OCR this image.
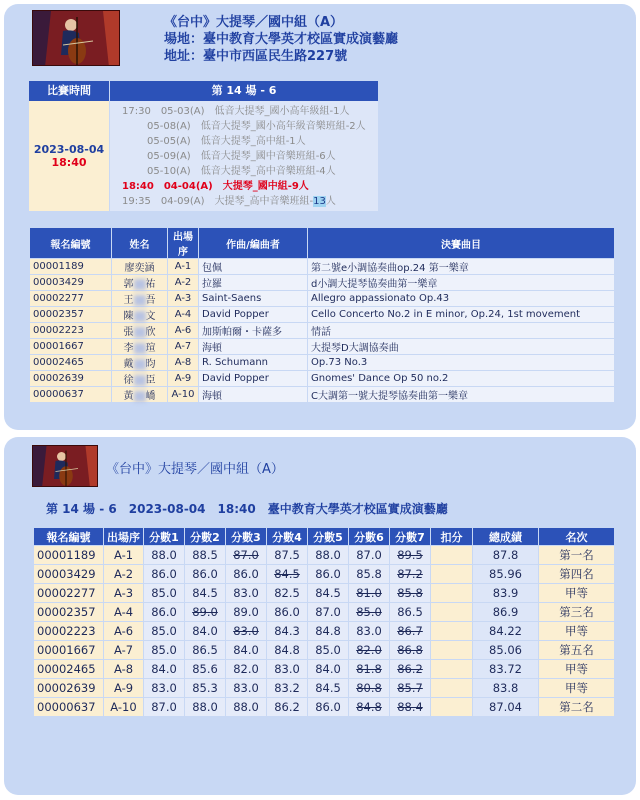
《台中》大提琴／國中組（A）
場地：臺中教育大學英才校區實成演藝廳
地址：臺中市西區民生路227號
比賽時間	第 14 場 - 6
2023-08-04
18:40
17:30　05-03(A)　低音大提琴_國小高年級組-1人
05-08(A)　低音大提琴_國小高年級音樂班組-2人
05-05(A)　低音大提琴_高中組-1人
05-09(A)　低音大提琴_國中音樂班組-6人
05-10(A)　低音大提琴_高中音樂班組-4人
18:40　04-04(A)　大提琴_國中組-9人
19:35　04-09(A)　大提琴_高中音樂班組-13人
報名編號	姓名	出場序	作曲/編曲者	決賽曲目
00001189	廖奕涵	A-1	包佩	第二號e小調協奏曲op.24 第一樂章
00003429	郭 祐	A-2	拉羅	d小調大提琴協奏曲第一樂章
00002277	王 吾	A-3	Saint-Saens	Allegro appassionato Op.43
00002357	陳 文	A-4	David Popper	Cello Concerto No.2 in E minor, Op.24, 1st movement
00002223	張 欣	A-6	加斯帕爾・卡薩多	情話
00001667	李 瑄	A-7	海頓	大提琴D大調協奏曲
00002465	戴 昀	A-8	R. Schumann	Op.73 No.3
00002639	徐 臣	A-9	David Popper	Gnomes' Dance Op 50 no.2
00000637	黃 嶠	A-10	海頓	C大調第一號大提琴協奏曲第一樂章
《台中》大提琴／國中組（A）
第 14 場 - 6　2023-08-04　18:40　臺中教育大學英才校區實成演藝廳
報名編號	出場序	分數1	分數2	分數3	分數4	分數5	分數6	分數7	扣分	總成績	名次
00001189	A-1	88.0	88.5	87.0	87.5	88.0	87.0	89.5		87.8	第一名
00003429	A-2	86.0	86.0	86.0	84.5	86.0	85.8	87.2		85.96	第四名
00002277	A-3	85.0	84.5	83.0	82.5	84.5	81.0	85.8		83.9	甲等
00002357	A-4	86.0	89.0	89.0	86.0	87.0	85.0	86.5		86.9	第三名
00002223	A-6	85.0	84.0	83.0	84.3	84.8	83.0	86.7		84.22	甲等
00001667	A-7	85.0	86.5	84.0	84.8	85.0	82.0	86.8		85.06	第五名
00002465	A-8	84.0	85.6	82.0	83.0	84.0	81.8	86.2		83.72	甲等
00002639	A-9	83.0	85.3	83.0	83.2	84.5	80.8	85.7		83.8	甲等
00000637	A-10	87.0	88.0	88.0	86.2	86.0	84.8	88.4		87.04	第二名
